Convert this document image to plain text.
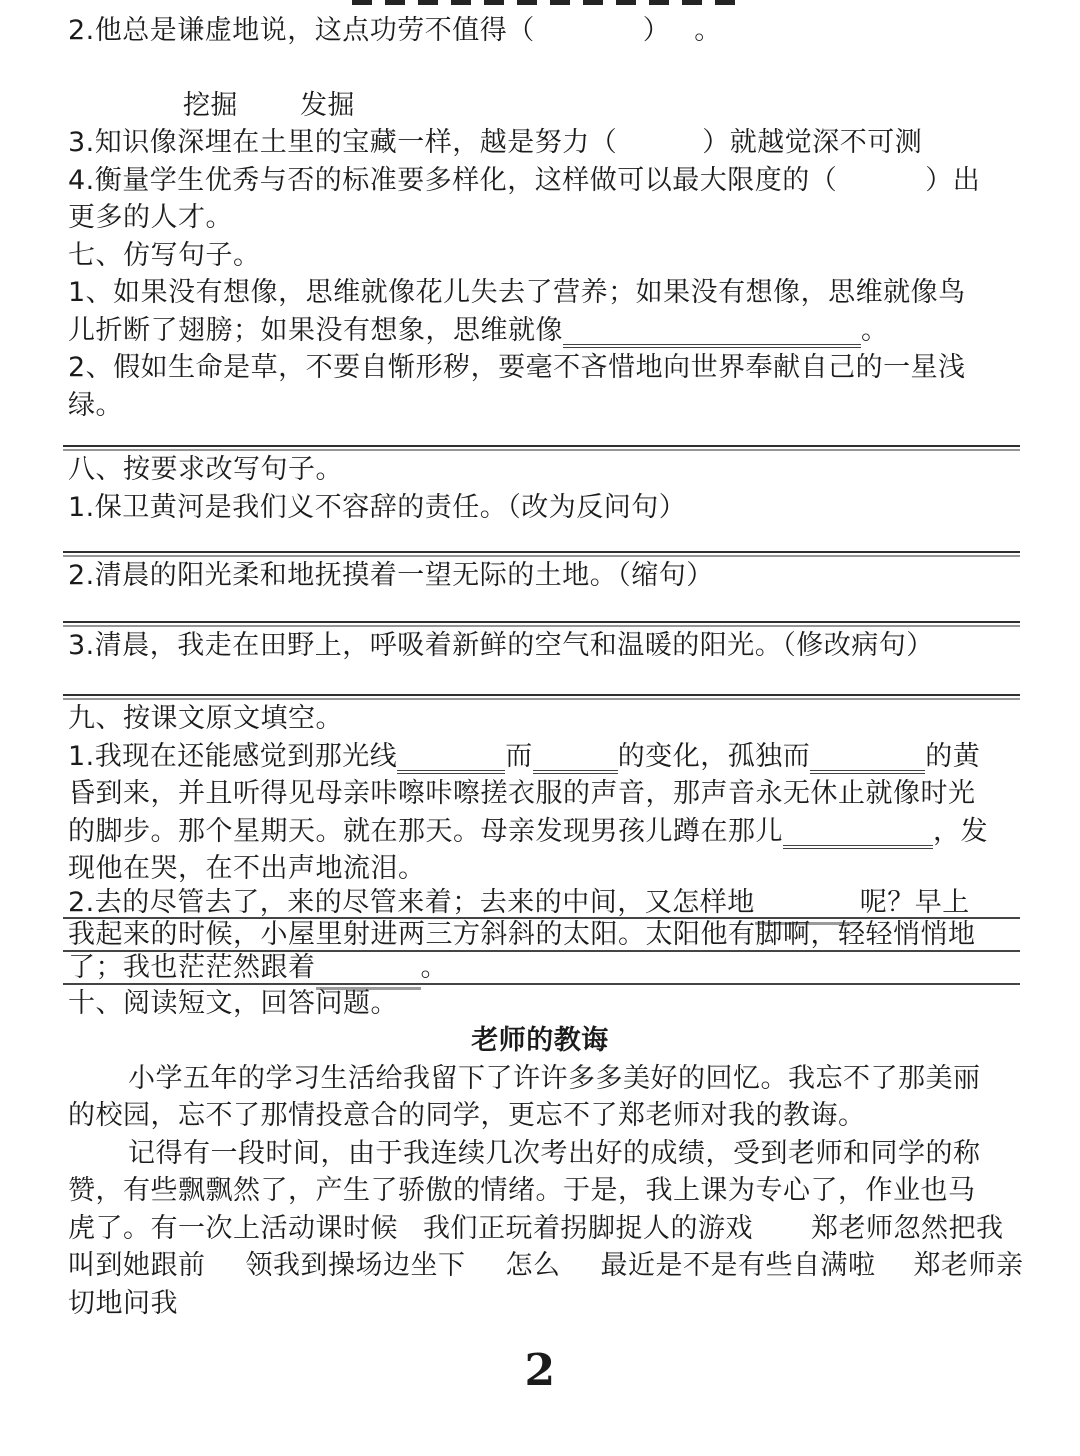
2.他总是谦虚地说，这点功劳不值得（	） 。
挖掘 发掘
3.知识像深埋在土里的宝藏一样，越是努力（	）就越觉深不可测
4.衡量学生优秀与否的标准要多样化，这样做可以最大限度的（	）出
更多的人才。
七、仿写句子。
1、如果没有想像，思维就像花儿失去了营养；如果没有想像，思维就像鸟
儿折断了翅膀；如果没有想象，思维就像	。
2、假如生命是草，不要自惭形秽，要毫不吝惜地向世界奉献自己的一星浅
绿。
八、按要求改写句子。
1.保卫黄河是我们义不容辞的责任。（改为反问句）
2.清晨的阳光柔和地抚摸着一望无际的土地。（缩句）
3.清晨，我走在田野上，呼吸着新鲜的空气和温暖的阳光。（修改病句）
九、按课文原文填空。
1.我现在还能感觉到那光线	而	的变化，孤独而	的黄
昏到来，并且听得见母亲咔嚓咔嚓搓衣服的声音，那声音永无休止就像时光
的脚步。那个星期天。就在那天。母亲发现男孩儿蹲在那儿	，发
现他在哭，在不出声地流泪。
2.去的尽管去了，来的尽管来着；去来的中间，又怎样地	呢？早上
我起来的时候，小屋里射进两三方斜斜的太阳。太阳他有脚啊，轻轻悄悄地
了；我也茫茫然跟着	。
十、阅读短文，回答问题。
老师的教诲
小学五年的学习生活给我留下了许许多多美好的回忆。我忘不了那美丽
的校园，忘不了那情投意合的同学，更忘不了郑老师对我的教诲。
记得有一段时间，由于我连续几次考出好的成绩，受到老师和同学的称
赞，有些飘飘然了，产生了骄傲的情绪。于是，我上课为专心了，作业也马
虎了。有一次上活动课时候 我们正玩着拐脚捉人的游戏 郑老师忽然把我
叫到她跟前 领我到操场边坐下 怎么 最近是不是有些自满啦 郑老师亲
切地问我
2
